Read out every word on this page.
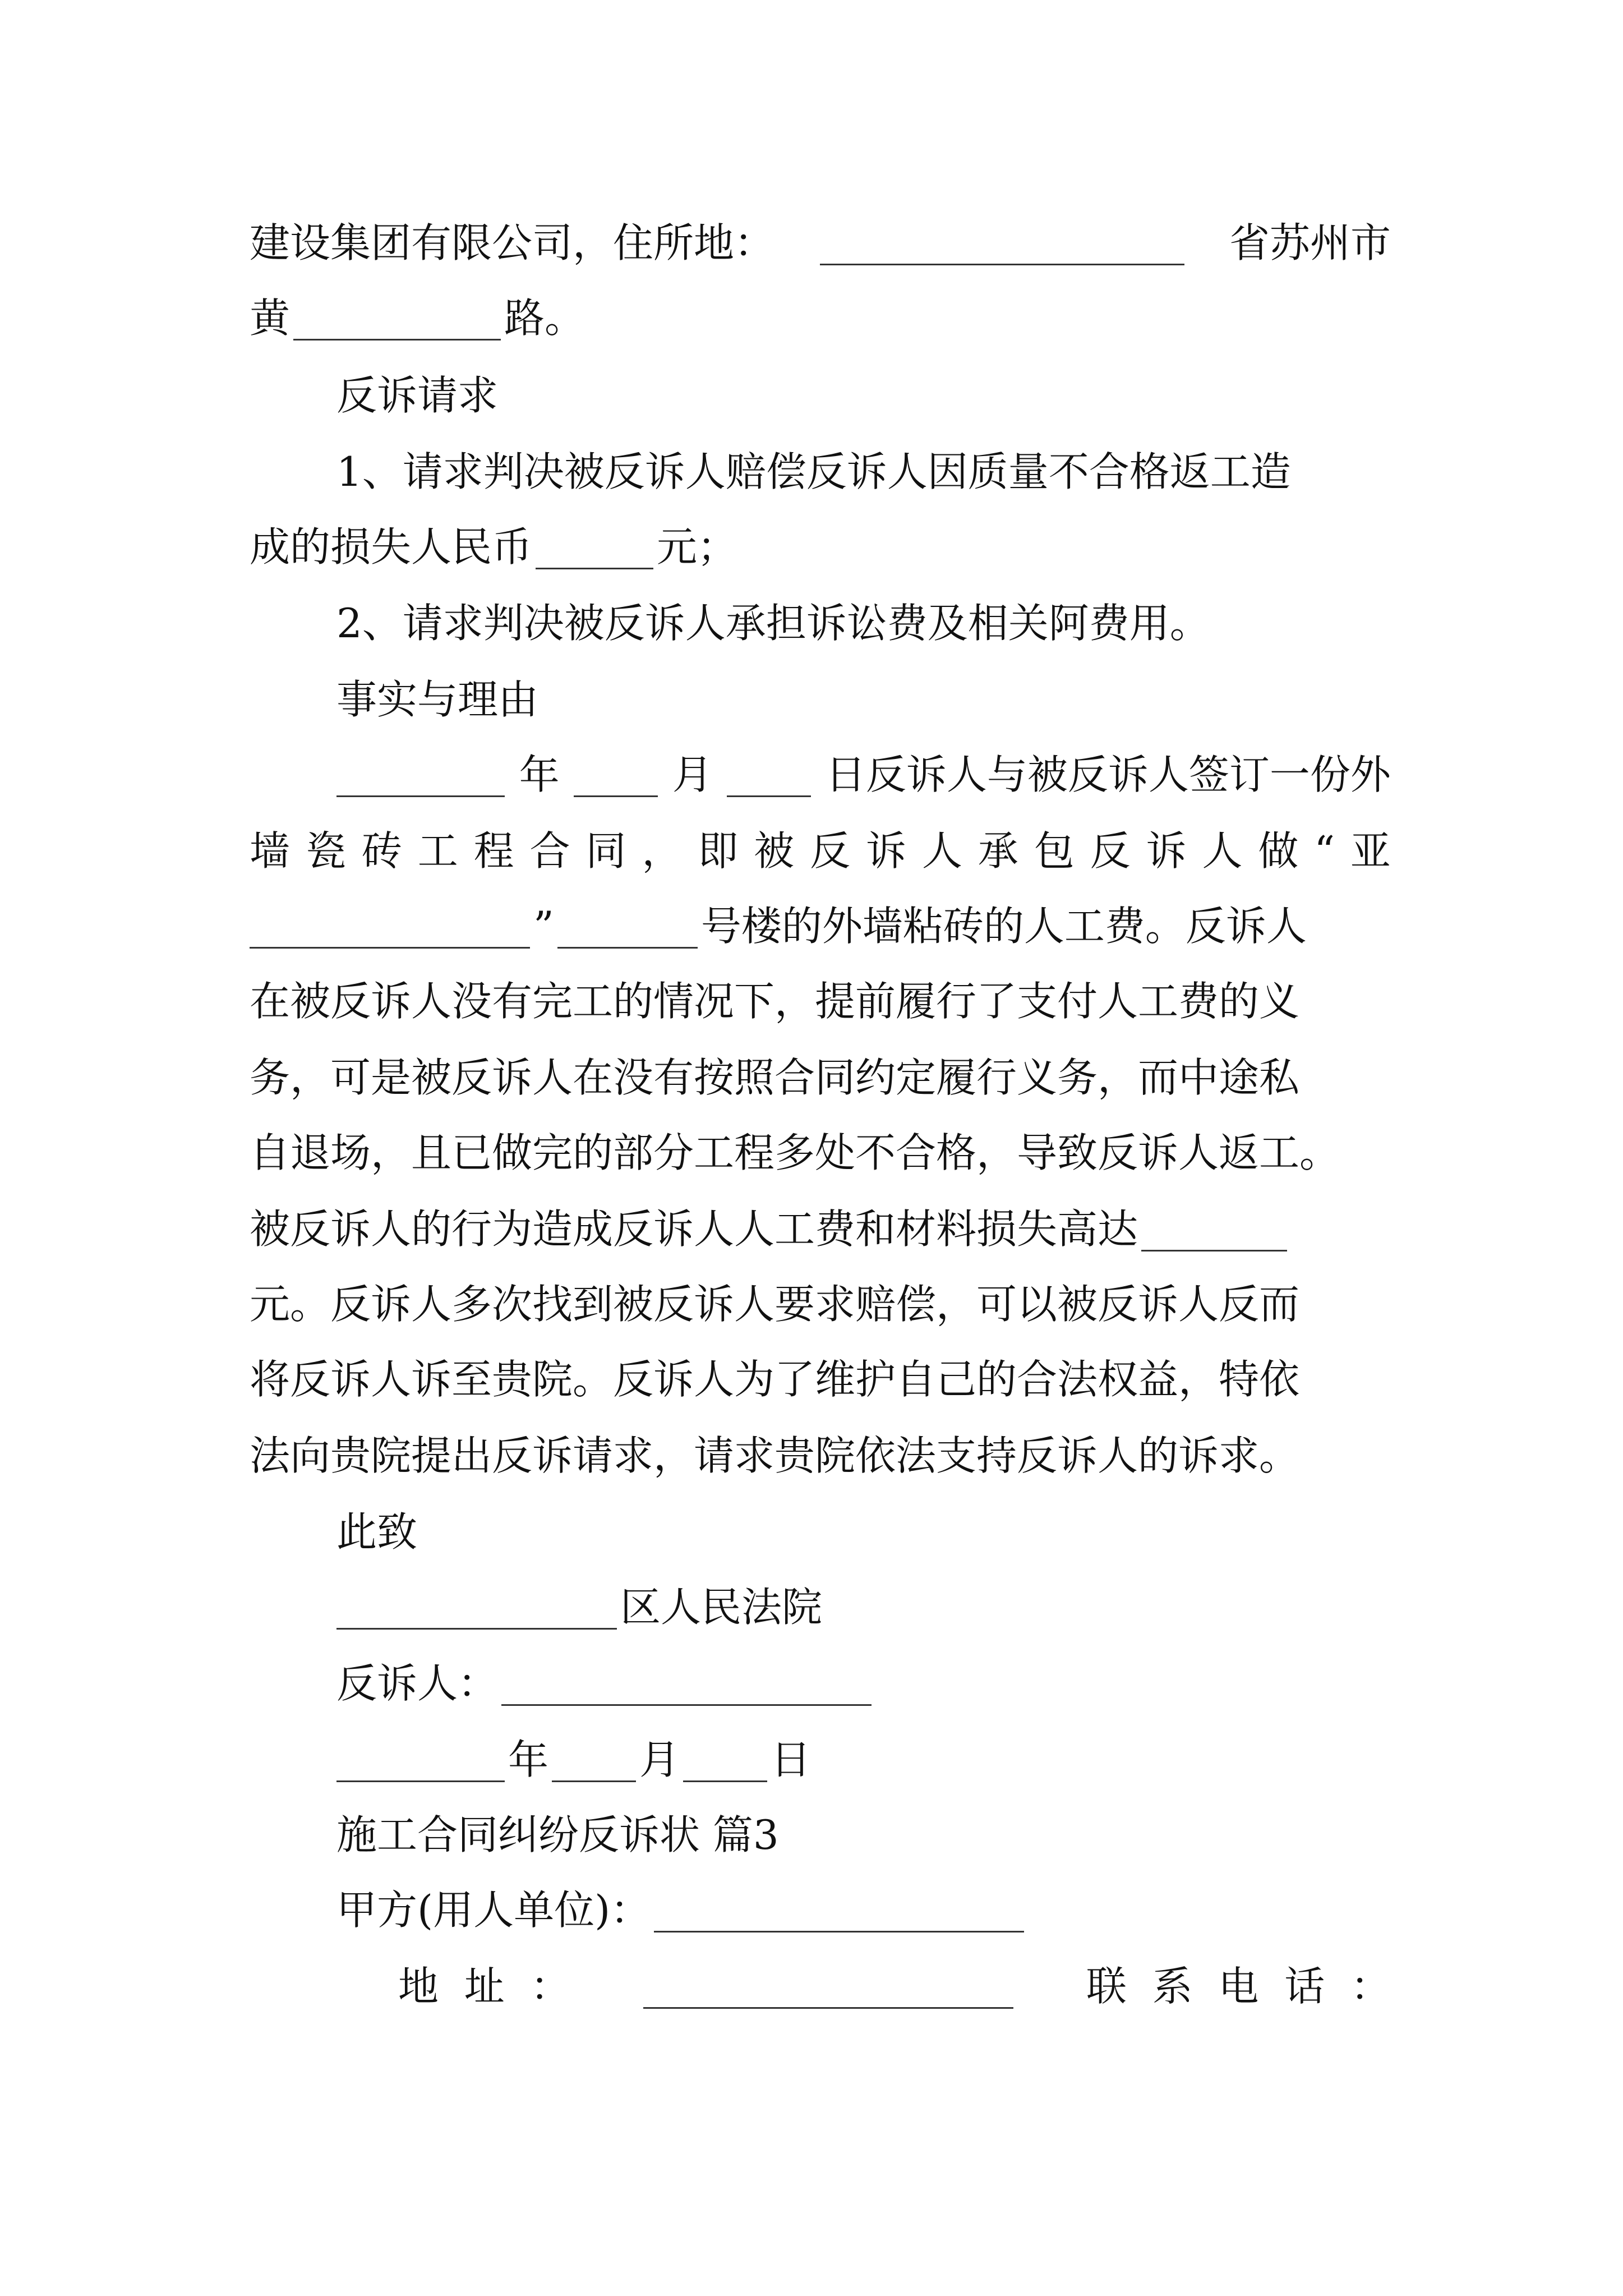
建设集团有限公司，住所地：	省苏州市
黄	路。
反诉请求
1、请求判决被反诉人赔偿反诉人因质量不合格返工造
成的损失人民币	元；
2、请求判决被反诉人承担诉讼费及相关阿费用。
事实与理由
年	月	日反诉人与被反诉人签订一份外
墙 瓷 砖 工 程 合 同 ， 即 被 反 诉 人 承 包 反 诉 人 做 “ 亚
”	号楼的外墙粘砖的人工费。反诉人
在被反诉人没有完工的情况下，提前履行了支付人工费的义
务，可是被反诉人在没有按照合同约定履行义务，而中途私
自退场，且已做完的部分工程多处不合格，导致反诉人返工。
被反诉人的行为造成反诉人人工费和材料损失高达
元。反诉人多次找到被反诉人要求赔偿，可以被反诉人反而
将反诉人诉至贵院。反诉人为了维护自己的合法权益，特依
法向贵院提出反诉请求，请求贵院依法支持反诉人的诉求。
此致
区人民法院
反诉人：
年 月 日
施工合同纠纷反诉状 篇3
甲方(用人单位)：
地  址  ：	联  系  电  话  ：
